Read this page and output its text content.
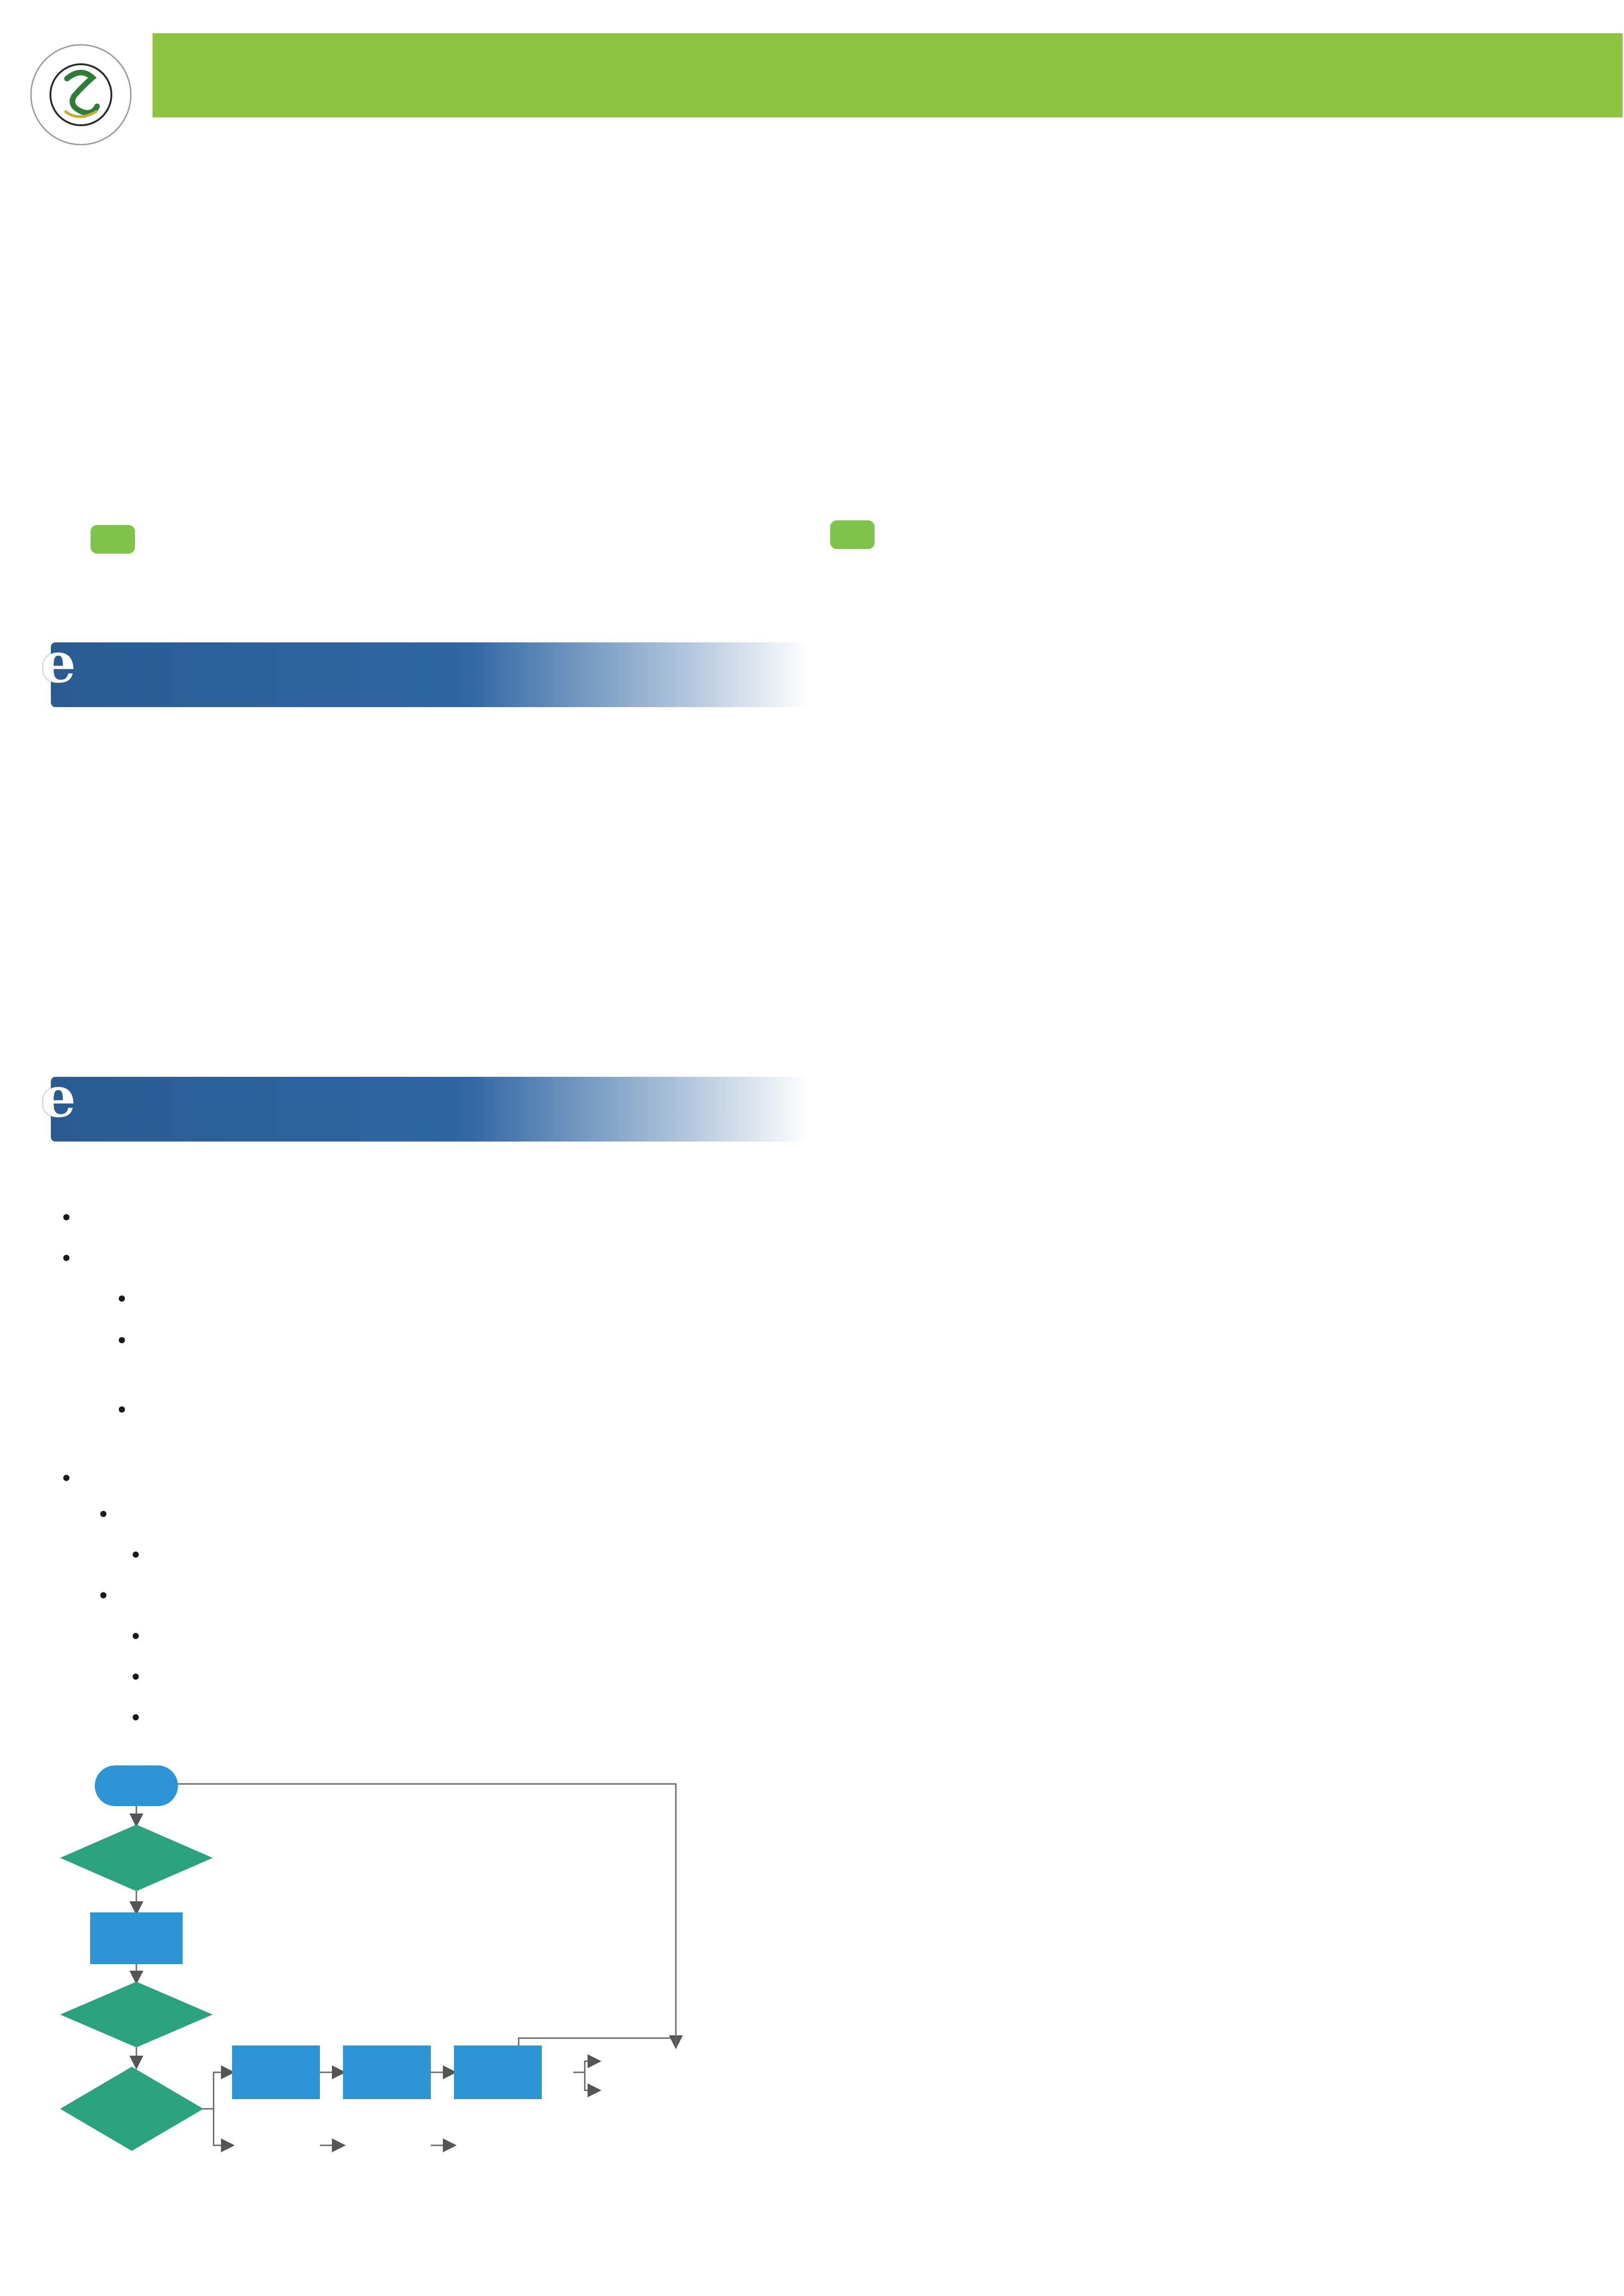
e

e
•
•
•
•
•
•
•
•
•
•
•
•
